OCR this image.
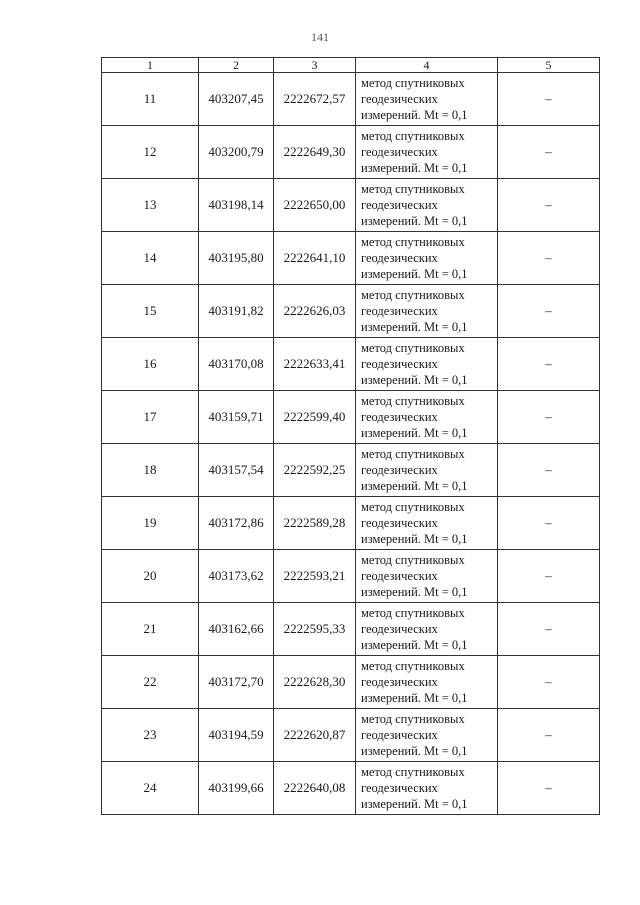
141
1	2	3	4	5
11	403207,45	2222672,57	метод спутниковых
геодезических
измерений. Mt = 0,1	–
12	403200,79	2222649,30	метод спутниковых
геодезических
измерений. Mt = 0,1	–
13	403198,14	2222650,00	метод спутниковых
геодезических
измерений. Mt = 0,1	–
14	403195,80	2222641,10	метод спутниковых
геодезических
измерений. Mt = 0,1	–
15	403191,82	2222626,03	метод спутниковых
геодезических
измерений. Mt = 0,1	–
16	403170,08	2222633,41	метод спутниковых
геодезических
измерений. Mt = 0,1	–
17	403159,71	2222599,40	метод спутниковых
геодезических
измерений. Mt = 0,1	–
18	403157,54	2222592,25	метод спутниковых
геодезических
измерений. Mt = 0,1	–
19	403172,86	2222589,28	метод спутниковых
геодезических
измерений. Mt = 0,1	–
20	403173,62	2222593,21	метод спутниковых
геодезических
измерений. Mt = 0,1	–
21	403162,66	2222595,33	метод спутниковых
геодезических
измерений. Mt = 0,1	–
22	403172,70	2222628,30	метод спутниковых
геодезических
измерений. Mt = 0,1	–
23	403194,59	2222620,87	метод спутниковых
геодезических
измерений. Mt = 0,1	–
24	403199,66	2222640,08	метод спутниковых
геодезических
измерений. Mt = 0,1	–
